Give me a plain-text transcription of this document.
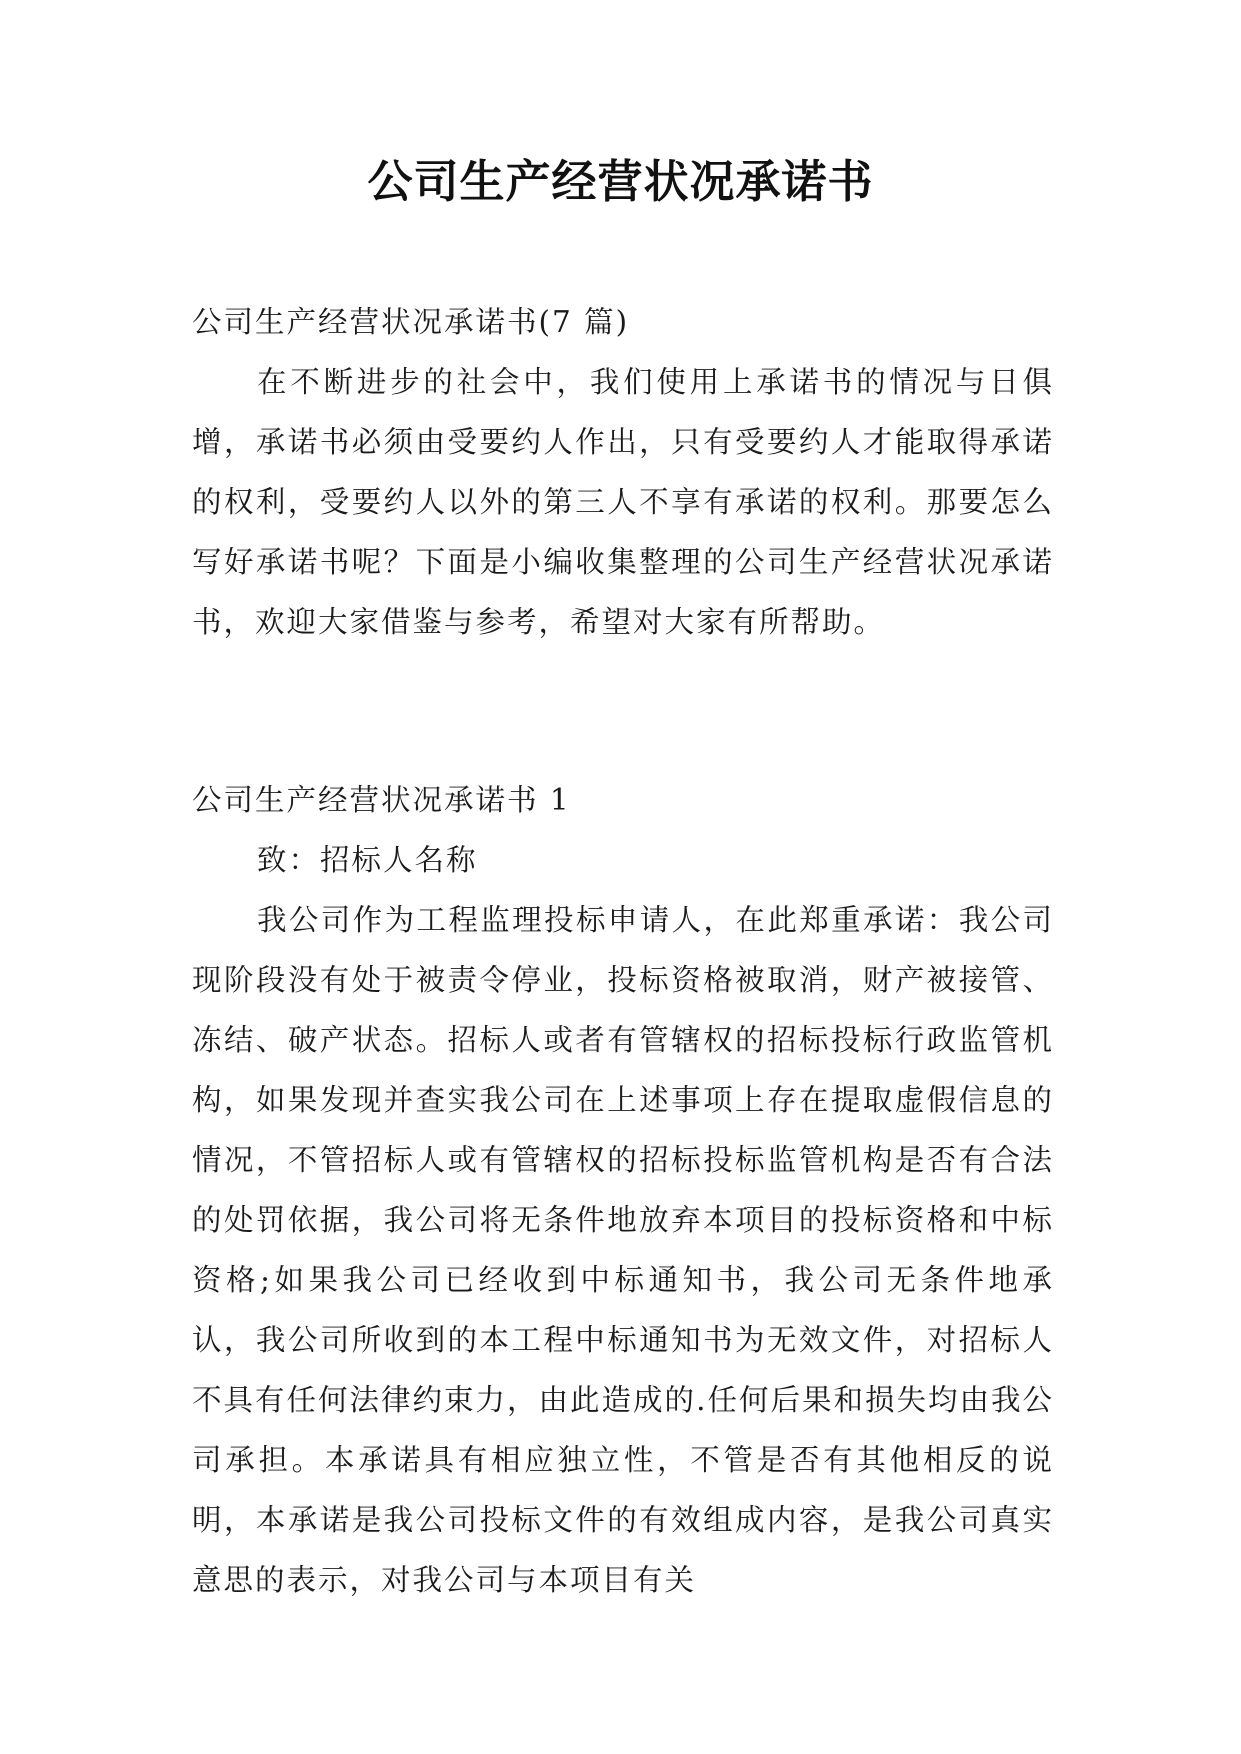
公司生产经营状况承诺书

公司生产经营状况承诺书(7 篇)

在不断进步的社会中，我们使用上承诺书的情况与日俱增，承诺书必须由受要约人作出，只有受要约人才能取得承诺的权利，受要约人以外的第三人不享有承诺的权利。那要怎么写好承诺书呢？下面是小编收集整理的公司生产经营状况承诺书，欢迎大家借鉴与参考，希望对大家有所帮助。

公司生产经营状况承诺书 1

致：招标人名称

我公司作为工程监理投标申请人，在此郑重承诺：我公司现阶段没有处于被责令停业，投标资格被取消，财产被接管、冻结、破产状态。招标人或者有管辖权的招标投标行政监管机构，如果发现并查实我公司在上述事项上存在提取虚假信息的情况，不管招标人或有管辖权的招标投标监管机构是否有合法的处罚依据，我公司将无条件地放弃本项目的投标资格和中标资格;如果我公司已经收到中标通知书，我公司无条件地承认，我公司所收到的本工程中标通知书为无效文件，对招标人不具有任何法律约束力，由此造成的.任何后果和损失均由我公司承担。本承诺具有相应独立性，不管是否有其他相反的说明，本承诺是我公司投标文件的有效组成内容，是我公司真实意思的表示，对我公司与本项目有关
